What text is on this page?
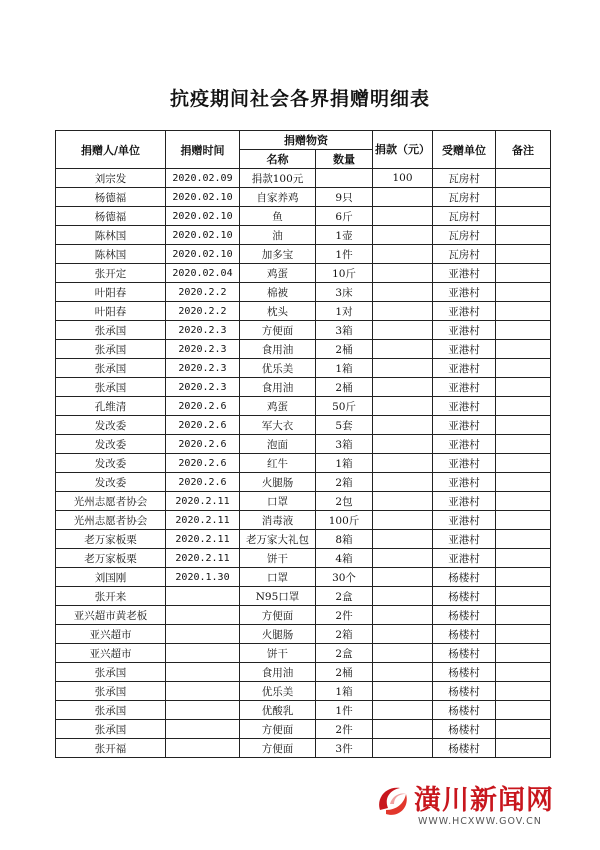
抗疫期间社会各界捐赠明细表
捐赠人/单位	捐赠时间	捐赠物资		捐款（元）	受赠单位	备注
		名称	数量			
刘宗发	2020.02.09	捐款100元		100	瓦房村	
杨德福	2020.02.10	自家养鸡	9只		瓦房村	
杨德福	2020.02.10	鱼	6斤		瓦房村	
陈林国	2020.02.10	油	1壶		瓦房村	
陈林国	2020.02.10	加多宝	1件		瓦房村	
张开定	2020.02.04	鸡蛋	10斤		亚港村	
叶阳春	2020.2.2	棉被	3床		亚港村	
叶阳春	2020.2.2	枕头	1对		亚港村	
张承国	2020.2.3	方便面	3箱		亚港村	
张承国	2020.2.3	食用油	2桶		亚港村	
张承国	2020.2.3	优乐美	1箱		亚港村	
张承国	2020.2.3	食用油	2桶		亚港村	
孔维清	2020.2.6	鸡蛋	50斤		亚港村	
发改委	2020.2.6	军大衣	5套		亚港村	
发改委	2020.2.6	泡面	3箱		亚港村	
发改委	2020.2.6	红牛	1箱		亚港村	
发改委	2020.2.6	火腿肠	2箱		亚港村	
光州志愿者协会	2020.2.11	口罩	2包		亚港村	
光州志愿者协会	2020.2.11	消毒液	100斤		亚港村	
老万家板栗	2020.2.11	老万家大礼包	8箱		亚港村	
老万家板栗	2020.2.11	饼干	4箱		亚港村	
刘国刚	2020.1.30	口罩	30个		杨楼村	
张开来		N95口罩	2盒		杨楼村	
亚兴超市黄老板		方便面	2件		杨楼村	
亚兴超市		火腿肠	2箱		杨楼村	
亚兴超市		饼干	2盒		杨楼村	
张承国		食用油	2桶		杨楼村	
张承国		优乐美	1箱		杨楼村	
张承国		优酸乳	1件		杨楼村	
张承国		方便面	2件		杨楼村	
张开福		方便面	3件		杨楼村	
潢川新闻网
WWW.HCXWW.GOV.CN
